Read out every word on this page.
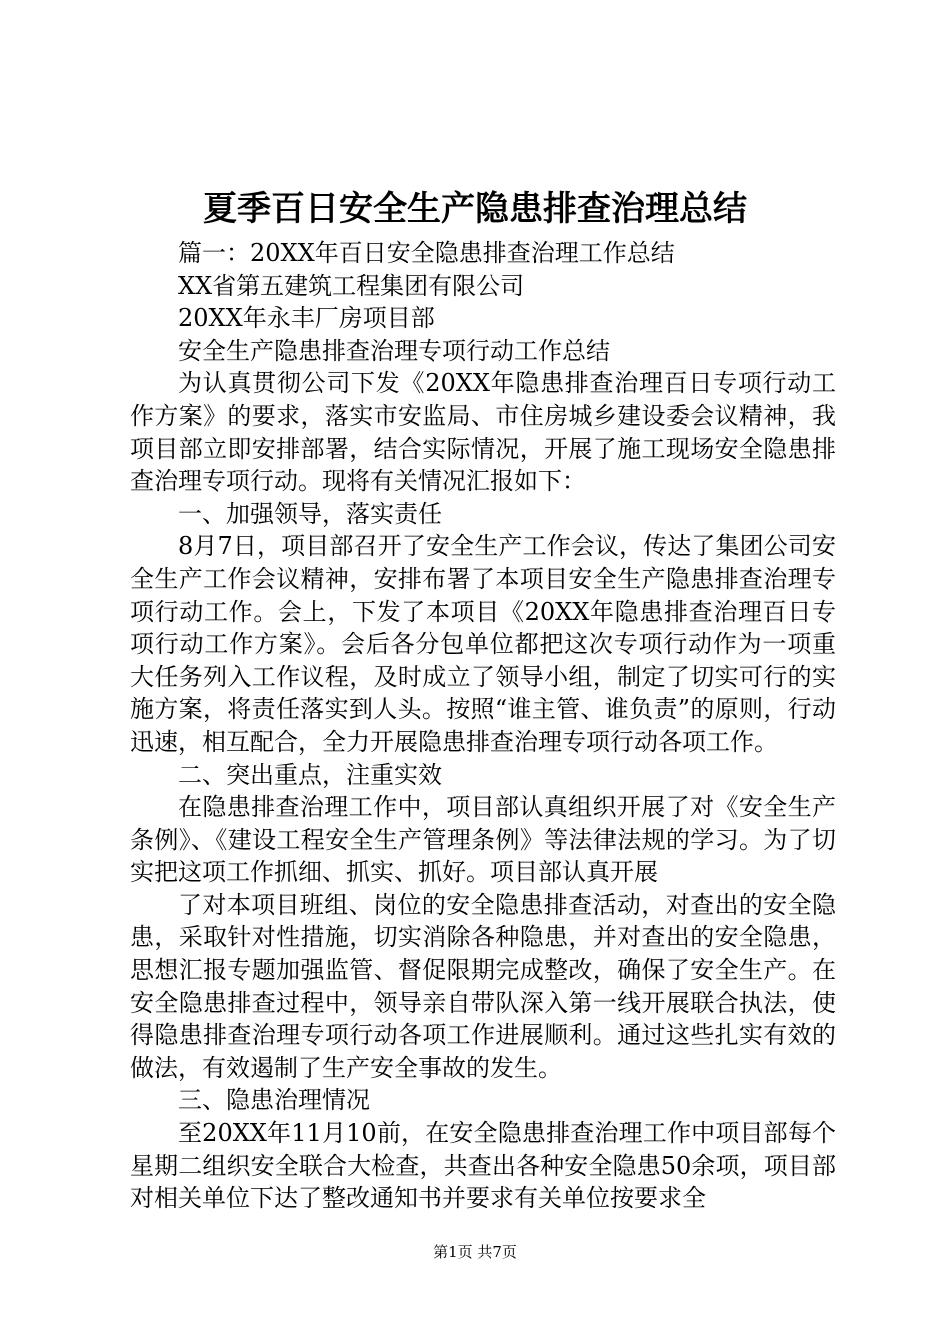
夏季百日安全生产隐患排查治理总结

篇一：20XX年百日安全隐患排查治理工作总结

XX省第五建筑工程集团有限公司

20XX年永丰厂房项目部

安全生产隐患排查治理专项行动工作总结

为认真贯彻公司下发《20XX年隐患排查治理百日专项行动工作方案》的要求，落实市安监局、市住房城乡建设委会议精神，我项目部立即安排部署，结合实际情况，开展了施工现场安全隐患排查治理专项行动。现将有关情况汇报如下：

一、加强领导，落实责任

8月7日，项目部召开了安全生产工作会议，传达了集团公司安全生产工作会议精神，安排布署了本项目安全生产隐患排查治理专项行动工作。会上，下发了本项目《20XX年隐患排查治理百日专项行动工作方案》。会后各分包单位都把这次专项行动作为一项重大任务列入工作议程，及时成立了领导小组，制定了切实可行的实施方案，将责任落实到人头。按照“谁主管、谁负责”的原则，行动迅速，相互配合，全力开展隐患排查治理专项行动各项工作。

二、突出重点，注重实效

在隐患排查治理工作中，项目部认真组织开展了对《安全生产条例》、《建设工程安全生产管理条例》等法律法规的学习。为了切实把这项工作抓细、抓实、抓好。项目部认真开展

了对本项目班组、岗位的安全隐患排查活动，对查出的安全隐患，采取针对性措施，切实消除各种隐患，并对查出的安全隐患，思想汇报专题加强监管、督促限期完成整改，确保了安全生产。在安全隐患排查过程中，领导亲自带队深入第一线开展联合执法，使得隐患排查治理专项行动各项工作进展顺利。通过这些扎实有效的做法，有效遏制了生产安全事故的发生。

三、隐患治理情况

至20XX年11月10前，在安全隐患排查治理工作中项目部每个星期二组织安全联合大检查，共查出各种安全隐患50余项，项目部对相关单位下达了整改通知书并要求有关单位按要求全

第1页 共7页
